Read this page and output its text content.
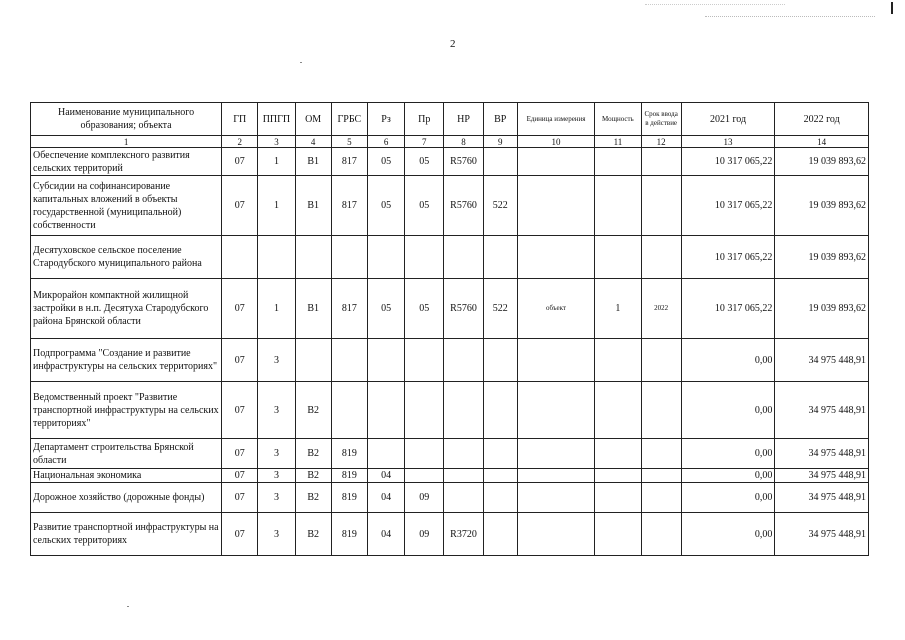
2
Наименование муниципального образования; объекта	ГП	ППГП	ОМ	ГРБС	Рз	Пр	НР	ВР	Единица измерения	Мощность	Срок ввода в действие	2021 год	2022 год
1	2	3	4	5	6	7	8	9	10	11	12	13	14
Обеспечение комплексного развития сельских территорий	07	1	В1	817	05	05	R5760					10 317 065,22	19 039 893,62
Субсидии на софинансирование капитальных вложений в объекты государственной (муниципальной) собственности	07	1	В1	817	05	05	R5760	522				10 317 065,22	19 039 893,62
Десятуховское сельское поселение Стародубского муниципального района												10 317 065,22	19 039 893,62
Микрорайон компактной жилищной застройки в н.п. Десятуха Стародубского района Брянской области	07	1	В1	817	05	05	R5760	522	объект	1	2022	10 317 065,22	19 039 893,62
Подпрограмма "Создание и развитие инфраструктуры на сельских территориях"	07	3										0,00	34 975 448,91
Ведомственный проект "Развитие транспортной инфраструктуры на сельских территориях"	07	3	В2									0,00	34 975 448,91
Департамент строительства Брянской области	07	3	В2	819								0,00	34 975 448,91
Национальная экономика	07	3	В2	819	04							0,00	34 975 448,91
Дорожное хозяйство (дорожные фонды)	07	3	В2	819	04	09						0,00	34 975 448,91
Развитие транспортной инфраструктуры на сельских территориях	07	3	В2	819	04	09	R3720					0,00	34 975 448,91
